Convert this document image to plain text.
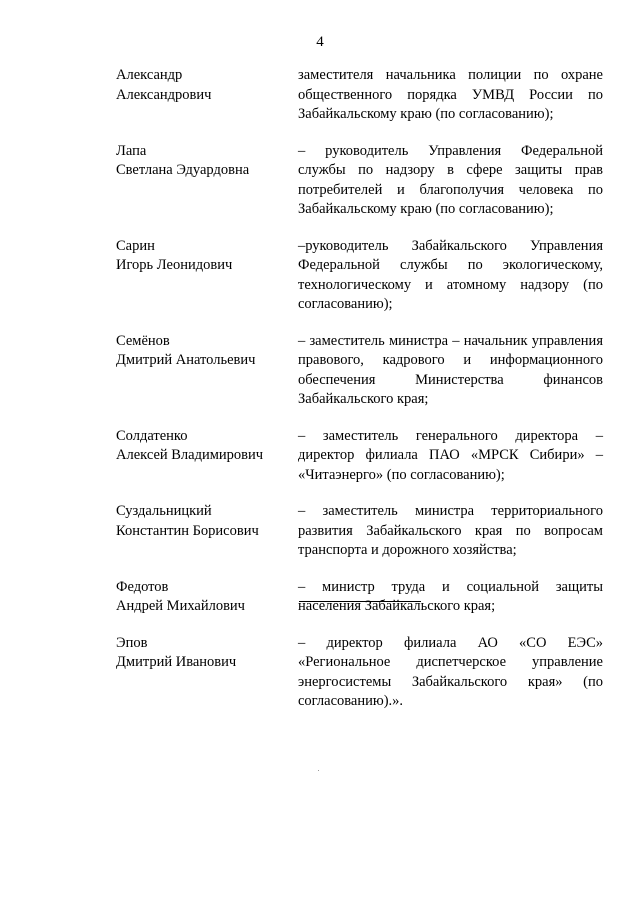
4
Александр
Александрович
заместителя начальника полиции по охране общественного порядка УМВД России по Забайкальскому краю (по согласованию);
Лапа
Светлана Эдуардовна
– руководитель Управления Федеральной службы по надзору в сфере защиты прав потребителей и благополучия человека по Забайкальскому краю (по согласованию);
Сарин
Игорь Леонидович
–руководитель Забайкальского Управления Федеральной службы по экологическому, технологическому и атомному надзору (по согласованию);
Семёнов
Дмитрий Анатольевич
– заместитель министра – начальник управления правового, кадрового и информационного обеспечения Министерства финансов Забайкальского края;
Солдатенко
Алексей Владимирович
– заместитель генерального директора – директор филиала ПАО «МРСК Сибири» – «Читаэнерго» (по согласованию);
Суздальницкий
Константин Борисович
– заместитель министра территориального развития Забайкальского края по вопросам транспорта и дорожного хозяйства;
Федотов
Андрей Михайлович
– министр труда и социальной защиты населения Забайкальского края;
Эпов
Дмитрий Иванович
– директор филиала АО «СО ЕЭС» «Региональное диспетчерское управление энергосистемы Забайкальского края» (по согласованию).».
